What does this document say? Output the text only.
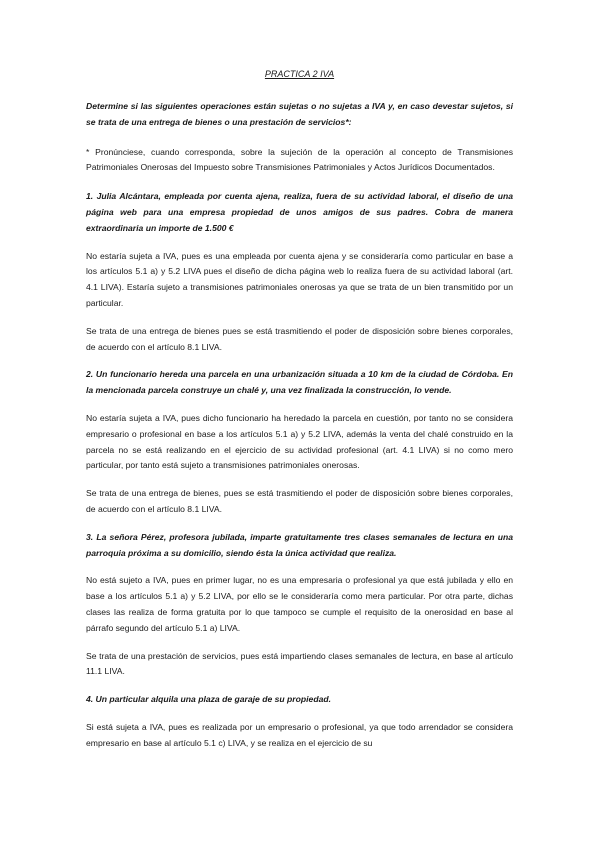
PRACTICA 2 IVA

Determine si las siguientes operaciones están sujetas o no sujetas a IVA y, en caso devestar sujetos, si se trata de una entrega de bienes o una prestación de servicios*:

* Pronúnciese, cuando corresponda, sobre la sujeción de la operación al concepto de Transmisiones Patrimoniales Onerosas del Impuesto sobre Transmisiones Patrimoniales y Actos Jurídicos Documentados.

1. Julia Alcántara, empleada por cuenta ajena, realiza, fuera de su actividad laboral, el diseño de una página web para una empresa propiedad de unos amigos de sus padres. Cobra de manera extraordinaria un importe de 1.500 €

No estaría sujeta a IVA, pues es una empleada por cuenta ajena y se consideraría como particular en base a los artículos 5.1 a) y 5.2 LIVA pues el diseño de dicha página web lo realiza fuera de su actividad laboral (art. 4.1 LIVA). Estaría sujeto a transmisiones patrimoniales onerosas ya que se trata de un bien transmitido por un particular.

Se trata de una entrega de bienes pues se está trasmitiendo el poder de disposición sobre bienes corporales, de acuerdo con el artículo 8.1 LIVA.

2. Un funcionario hereda una parcela en una urbanización situada a 10 km de la ciudad de Córdoba. En la mencionada parcela construye un chalé y, una vez finalizada la construcción, lo vende.

No estaría sujeta a IVA, pues dicho funcionario ha heredado la parcela en cuestión, por tanto no se considera empresario o profesional en base a los artículos 5.1 a) y 5.2 LIVA, además la venta del chalé construido en la parcela no se está realizando en el ejercicio de su actividad profesional (art. 4.1 LIVA) si no como mero particular, por tanto está sujeto a transmisiones patrimoniales onerosas.

Se trata de una entrega de bienes, pues se está trasmitiendo el poder de disposición sobre bienes corporales, de acuerdo con el artículo 8.1 LIVA.

3. La señora Pérez, profesora jubilada, imparte gratuitamente tres clases semanales de lectura en una parroquia próxima a su domicilio, siendo ésta la única actividad que realiza.

No está sujeto a IVA, pues en primer lugar, no es una empresaria o profesional ya que está jubilada y ello en base a los artículos 5.1 a) y 5.2 LIVA, por ello se le consideraría como mera particular. Por otra parte, dichas clases las realiza de forma gratuita por lo que tampoco se cumple el requisito de la onerosidad en base al párrafo segundo del artículo 5.1 a) LIVA.

Se trata de una prestación de servicios, pues está impartiendo clases semanales de lectura, en base al artículo 11.1 LIVA.

4. Un particular alquila una plaza de garaje de su propiedad.

Si está sujeta a IVA, pues es realizada por un empresario o profesional, ya que todo arrendador se considera empresario en base al artículo 5.1 c) LIVA, y se realiza en el ejercicio de su
